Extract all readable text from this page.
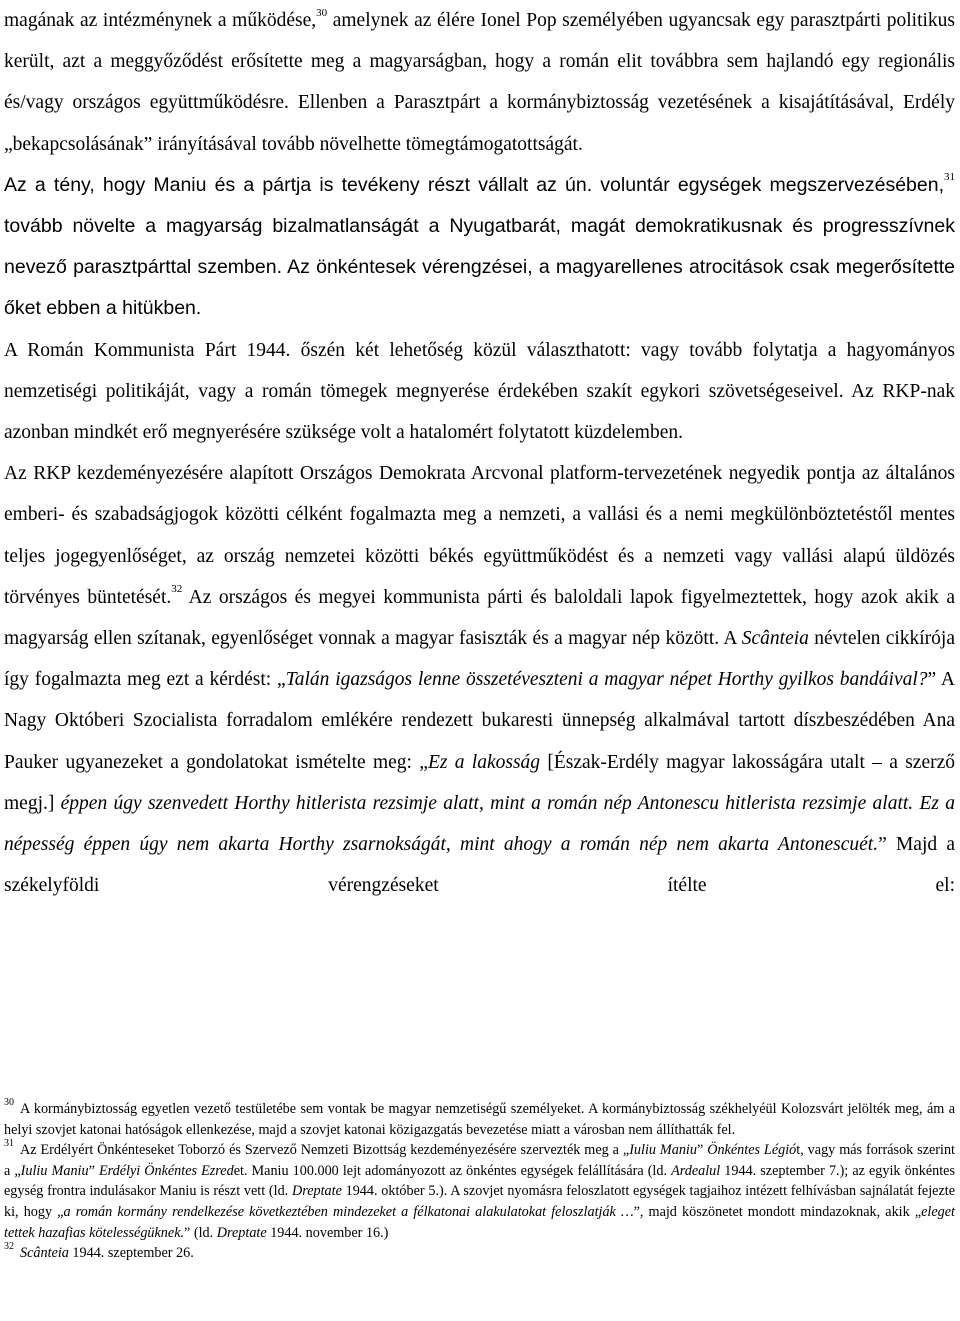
magának az intézménynek a működése,$^{30}$ amelynek az élére Ionel Pop személyében ugyancsak egy parasztpárti politikus került, azt a meggyőződést erősítette meg a magyarságban, hogy a román elit továbbra sem hajlandó egy regionális és/vagy országos együttműködésre. Ellenben a Parasztpárt a kormánybiztosság vezetésének a kisajátításával, Erdély „bekapcsolásának” irányításával tovább növelhette tömegtámogatottságát.

Az a tény, hogy Maniu és a pártja is tevékeny részt vállalt az ún. voluntár egységek megszervezésében,$^{31}$ tovább növelte a magyarság bizalmatlanságát a Nyugatbarát, magát demokratikusnak és progresszívnek nevező parasztpárttal szemben. Az önkéntesek vérengzései, a magyarellenes atrocitások csak megerősítette őket ebben a hitükben.

A Román Kommunista Párt 1944. őszén két lehetőség közül választhatott: vagy tovább folytatja a hagyományos nemzetiségi politikáját, vagy a román tömegek megnyerése érdekében szakít egykori szövetségeseivel. Az RKP-nak azonban mindkét erő megnyerésére szüksége volt a hatalomért folytatott küzdelemben.

Az RKP kezdeményezésére alapított Országos Demokrata Arcvonal platform-tervezetének negyedik pontja az általános emberi- és szabadságjogok közötti célként fogalmazta meg a nemzeti, a vallási és a nemi megkülönböztetéstől mentes teljes jogegyenlőséget, az ország nemzetei közötti békés együttműködést és a nemzeti vagy vallási alapú üldözés törvényes büntetését.$^{32}$ Az országos és megyei kommunista párti és baloldali lapok figyelmeztettek, hogy azok akik a magyarság ellen szítanak, egyenlőséget vonnak a magyar fasiszták és a magyar nép között. A Scânteia névtelen cikkírója így fogalmazta meg ezt a kérdést: „Talán igazságos lenne összetéveszteni a magyar népet Horthy gyilkos bandáival?” A Nagy Októberi Szocialista forradalom emlékére rendezett bukaresti ünnepség alkalmával tartott díszbeszédében Ana Pauker ugyanezeket a gondolatokat ismételte meg: „Ez a lakosság [Észak-Erdély magyar lakosságára utalt – a szerző megj.] éppen úgy szenvedett Horthy hitlerista rezsimje alatt, mint a román nép Antonescu hitlerista rezsimje alatt. Ez a népesség éppen úgy nem akarta Horthy zsarnokságát, mint ahogy a román nép nem akarta Antonescuét.” Majd a székelyföldi vérengzéseket ítélte el:

$^{30}$ A kormánybiztosság egyetlen vezető testületébe sem vontak be magyar nemzetiségű személyeket. A kormánybiztosság székhelyéül Kolozsvárt jelölték meg, ám a helyi szovjet katonai hatóságok ellenkezése, majd a szovjet katonai közigazgatás bevezetése miatt a városban nem állíthatták fel.

$^{31}$ Az Erdélyért Önkénteseket Toborzó és Szervező Nemzeti Bizottság kezdeményezésére szervezték meg a „Iuliu Maniu” Önkéntes Légiót, vagy más források szerint a „Iuliu Maniu” Erdélyi Önkéntes Ezredet. Maniu 100.000 lejt adományozott az önkéntes egységek felállítására (ld. Ardealul 1944. szeptember 7.); az egyik önkéntes egység frontra indulásakor Maniu is részt vett (ld. Dreptate 1944. október 5.). A szovjet nyomásra feloszlatott egységek tagjaihoz intézett felhívásban sajnálatát fejezte ki, hogy „a román kormány rendelkezése következtében mindezeket a félkatonai alakulatokat feloszlatják …”, majd köszönetet mondott mindazoknak, akik „eleget tettek hazafias kötelességüknek.” (ld. Dreptate 1944. november 16.)

$^{32}$ Scânteia 1944. szeptember 26.
